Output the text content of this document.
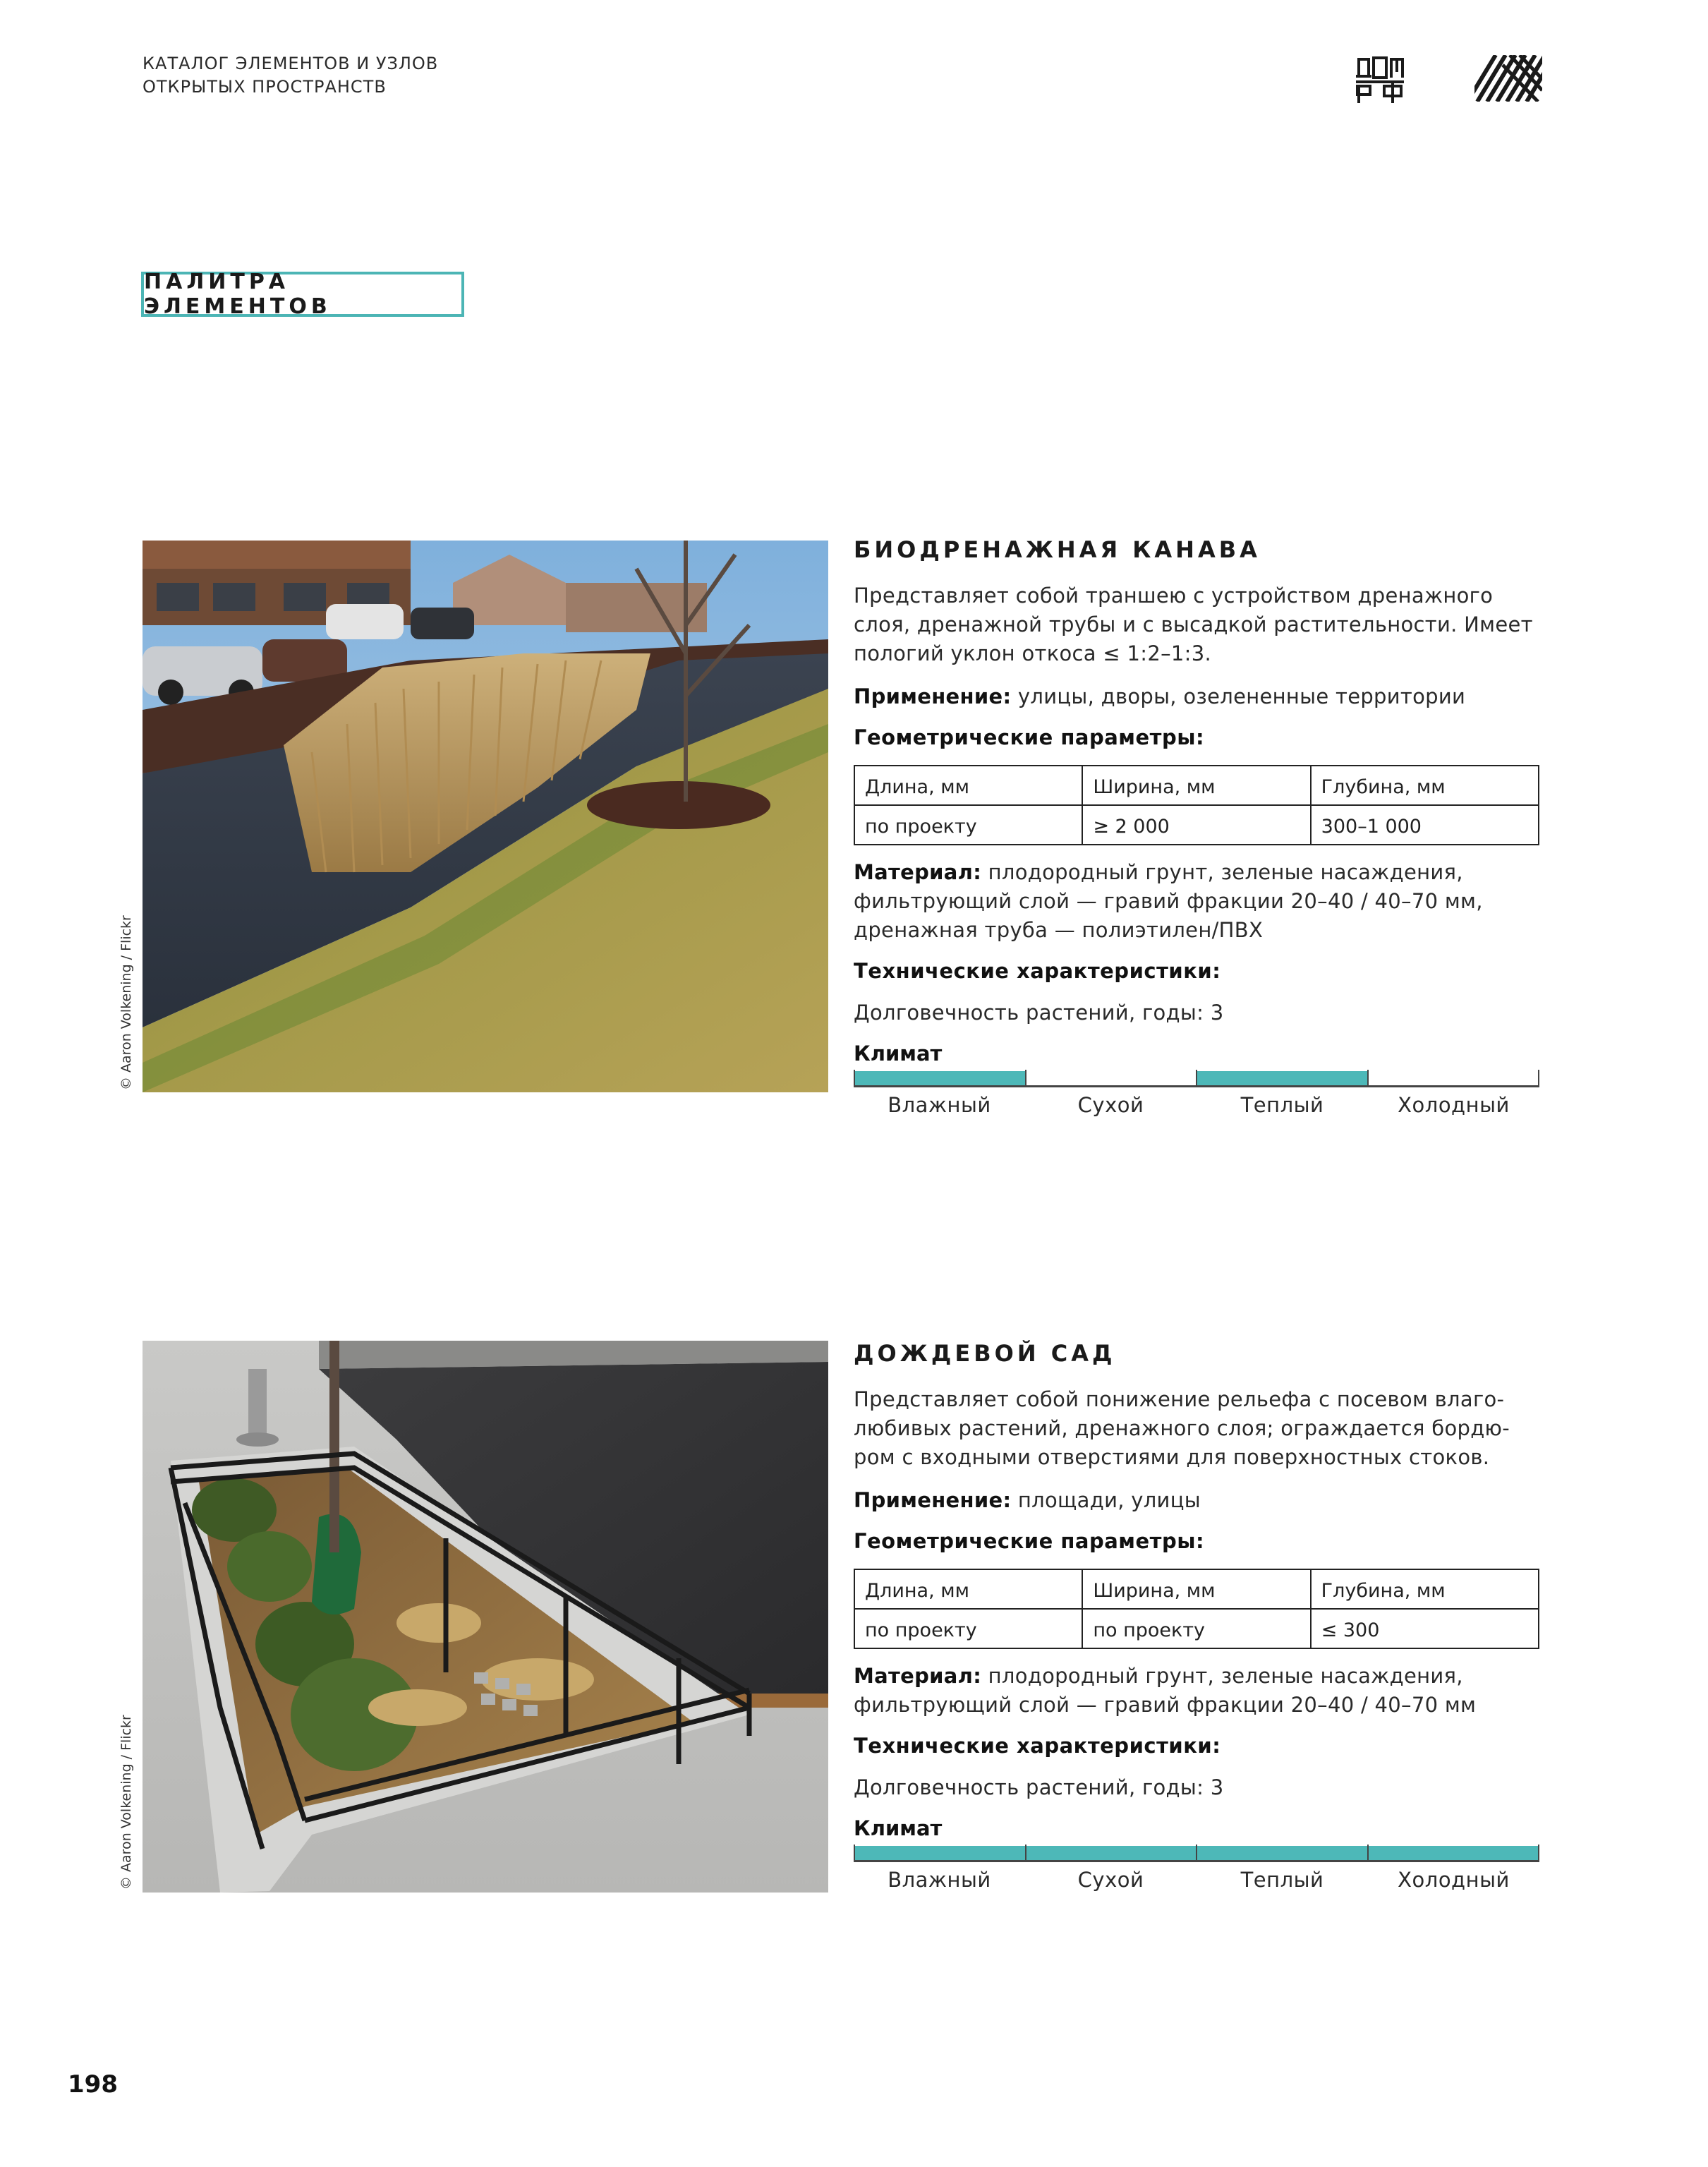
КАТАЛОГ ЭЛЕМЕНТОВ И УЗЛОВ
ОТКРЫТЫХ ПРОСТРАНСТВ
ПАЛИТРА ЭЛЕМЕНТОВ
© Aaron Volkening / Flickr
БИОДРЕНАЖНАЯ КАНАВА
Представляет собой траншею с устройством дренажного слоя, дренажной трубы и с высадкой растительности. Имеет пологий уклон откоса ≤ 1:2–1:3.
Применение: улицы, дворы, озелененные территории
Геометрические параметры:
Длина, мм	Ширина, мм	Глубина, мм
по проекту	≥ 2 000	300–1 000
Материал: плодородный грунт, зеленые насаждения, фильтрующий слой — гравий фракции 20–40 / 40–70 мм, дренажная труба — полиэтилен/ПВХ
Технические характеристики:
Долговечность растений, годы: 3
Климат
Влажный	Сухой	Теплый	Холодный
© Aaron Volkening / Flickr
ДОЖДЕВОЙ САД
Представляет собой понижение рельефа с посевом влаго-любивых растений, дренажного слоя; ограждается бордю-ром с входными отверстиями для поверхностных стоков.
Применение: площади, улицы
Геометрические параметры:
Длина, мм	Ширина, мм	Глубина, мм
по проекту	по проекту	≤ 300
Материал: плодородный грунт, зеленые насаждения, фильтрующий слой — гравий фракции 20–40 / 40–70 мм
Технические характеристики:
Долговечность растений, годы: 3
Климат
Влажный	Сухой	Теплый	Холодный
198
